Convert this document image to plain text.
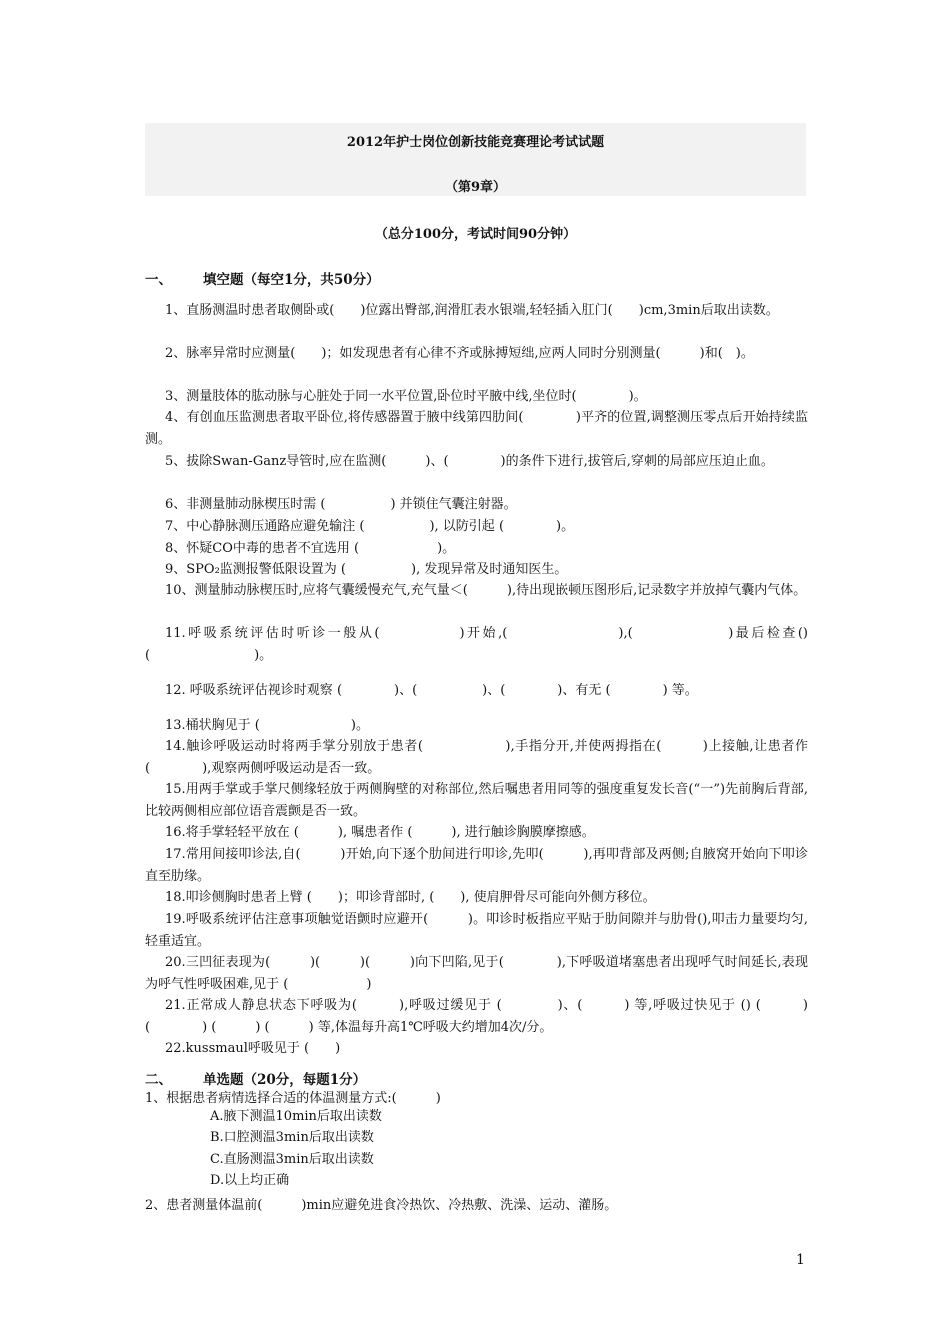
2012年护士岗位创新技能竞赛理论考试试题
（第9章）
（总分100分，考试时间90分钟）
一、 填空题（每空1分，共50分）
1、直肠测温时患者取侧卧或(　　)位露出臀部,润滑肛表水银端,轻轻插入肛门(　　)cm,3min后取出读数。
2、脉率异常时应测量(　　)；如发现患者有心律不齐或脉搏短绌,应两人同时分别测量(　　　)和(　)。
3、测量肢体的肱动脉与心脏处于同一水平位置,卧位时平腋中线,坐位时(　　　　)。
4、有创血压监测患者取平卧位,将传感器置于腋中线第四肋间(　　　　)平齐的位置,调整测压零点后开始持续监测。
5、拔除Swan-Ganz导管时,应在监测(　　　)、(　　　　)的条件下进行,拔管后,穿刺的局部应压迫止血。
6、非测量肺动脉楔压时需 (　　　　　) 并锁住气囊注射器。
7、中心静脉测压通路应避免输注 (　　　　　), 以防引起 (　　　　)。
8、怀疑CO中毒的患者不宜选用 (　　　　　　)。
9、SPO₂监测报警低限设置为 (　　　　　), 发现异常及时通知医生。
10、测量肺动脉楔压时,应将气囊缓慢充气,充气量＜(　　　),待出现嵌顿压图形后,记录数字并放掉气囊内气体。
11.呼吸系统评估时听诊一般从(　　　　　)开始,(　　　　　　　),(　　　　　　)最后检查()(　　　　　　　　)。
12. 呼吸系统评估视诊时观察 (　　　　)、(　　　　　)、(　　　　)、有无 (　　　　) 等。
13.桶状胸见于 (　　　　　　　)。
14.触诊呼吸运动时将两手掌分别放于患者(　　　　　　),手指分开,并使两拇指在(　　　)上接触,让患者作 (　　　　),观察两侧呼吸运动是否一致。
15.用两手掌或手掌尺侧缘轻放于两侧胸壁的对称部位,然后嘱患者用同等的强度重复发长音(“一”)先前胸后背部,比较两侧相应部位语音震颤是否一致。
16.将手掌轻轻平放在 (　　　), 嘱患者作 (　　　), 进行触诊胸膜摩擦感。
17.常用间接叩诊法,自(　　　)开始,向下逐个肋间进行叩诊,先叩(　　　),再叩背部及两侧;自腋窝开始向下叩诊直至肋缘。
18.叩诊侧胸时患者上臂 (　　)；叩诊背部时, (　　), 使肩胛骨尽可能向外侧方移位。
19.呼吸系统评估注意事项触觉语颤时应避开(　　　)。叩诊时板指应平贴于肋间隙并与肋骨(),叩击力量要均匀,轻重适宜。
20.三凹征表现为(　　　)(　　　)(　　　)向下凹陷,见于(　　　　),下呼吸道堵塞患者出现呼气时间延长,表现为呼气性呼吸困难,见于 (　　　　　　)
21.正常成人静息状态下呼吸为(　　　),呼吸过缓见于 (　　　　)、(　　　) 等,呼吸过快见于 () (　　　) (　　　　) (　　　) (　　　) 等,体温每升高1℃呼吸大约增加4次/分。
22.kussmaul呼吸见于 (　　)
二、 单选题（20分，每题1分）
1、根据患者病情选择合适的体温测量方式:(　　　)
A.腋下测温10min后取出读数
B.口腔测温3min后取出读数
C.直肠测温3min后取出读数
D.以上均正确
2、患者测量体温前(　　　)min应避免进食冷热饮、冷热敷、洗澡、运动、灌肠。
1
